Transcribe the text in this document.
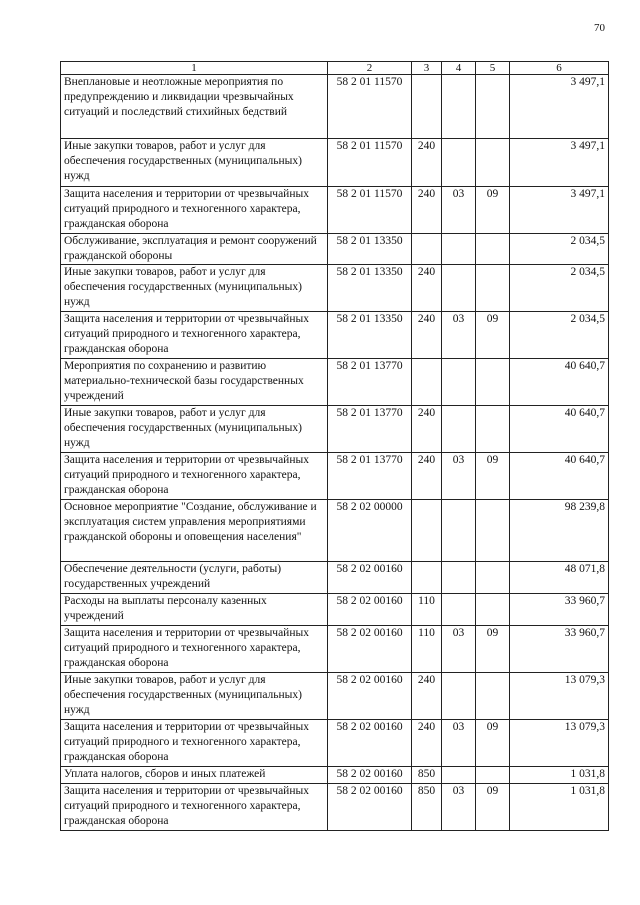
70
1	2	3	4	5	6
Внеплановые и неотложные мероприятия по предупреждению и ликвидации чрезвычайных ситуаций и последствий стихийных бедствий	58 2 01 11570				3 497,1
Иные закупки товаров, работ и услуг для обеспечения государственных (муниципальных) нужд	58 2 01 11570	240			3 497,1
Защита населения и территории от чрезвычайных ситуаций природного и техногенного характера, гражданская оборона	58 2 01 11570	240	03	09	3 497,1
Обслуживание, эксплуатация и ремонт сооружений гражданской обороны	58 2 01 13350				2 034,5
Иные закупки товаров, работ и услуг для обеспечения государственных (муниципальных) нужд	58 2 01 13350	240			2 034,5
Защита населения и территории от чрезвычайных ситуаций природного и техногенного характера, гражданская оборона	58 2 01 13350	240	03	09	2 034,5
Мероприятия по сохранению и развитию материально-технической базы государственных учреждений	58 2 01 13770				40 640,7
Иные закупки товаров, работ и услуг для обеспечения государственных (муниципальных) нужд	58 2 01 13770	240			40 640,7
Защита населения и территории от чрезвычайных ситуаций природного и техногенного характера, гражданская оборона	58 2 01 13770	240	03	09	40 640,7
Основное мероприятие "Создание, обслуживание и эксплуатация систем управления мероприятиями гражданской обороны и оповещения населения"	58 2 02 00000				98 239,8
Обеспечение деятельности (услуги, работы) государственных учреждений	58 2 02 00160				48 071,8
Расходы на выплаты персоналу казенных учреждений	58 2 02 00160	110			33 960,7
Защита населения и территории от чрезвычайных ситуаций природного и техногенного характера, гражданская оборона	58 2 02 00160	110	03	09	33 960,7
Иные закупки товаров, работ и услуг для обеспечения государственных (муниципальных) нужд	58 2 02 00160	240			13 079,3
Защита населения и территории от чрезвычайных ситуаций природного и техногенного характера, гражданская оборона	58 2 02 00160	240	03	09	13 079,3
Уплата налогов, сборов и иных платежей	58 2 02 00160	850			1 031,8
Защита населения и территории от чрезвычайных ситуаций природного и техногенного характера, гражданская оборона	58 2 02 00160	850	03	09	1 031,8
